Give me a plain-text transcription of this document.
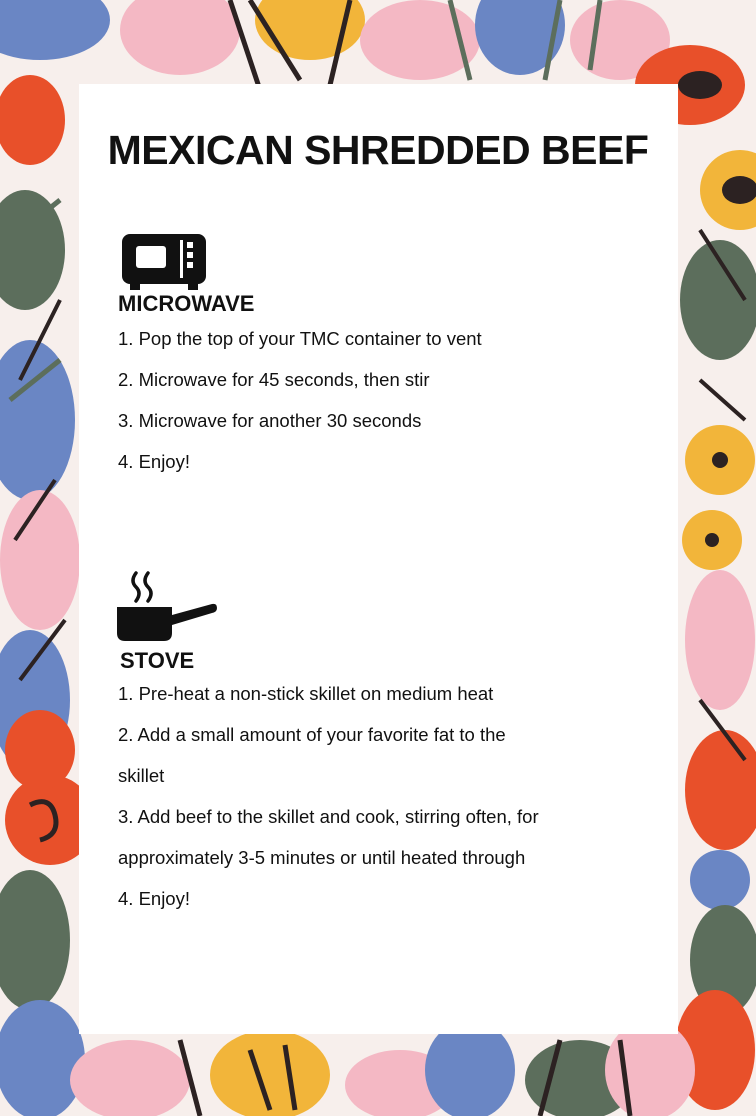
MEXICAN SHREDDED BEEF

MICROWAVE

1. Pop the top of your TMC container to vent

2. Microwave for 45 seconds, then stir

3. Microwave for another 30 seconds

4. Enjoy!

STOVE

1. Pre-heat a non-stick skillet on medium heat

2. Add a small amount of your favorite fat to the

skillet

3. Add beef to the skillet and cook, stirring often, for

approximately 3-5 minutes or until heated through

4. Enjoy!
